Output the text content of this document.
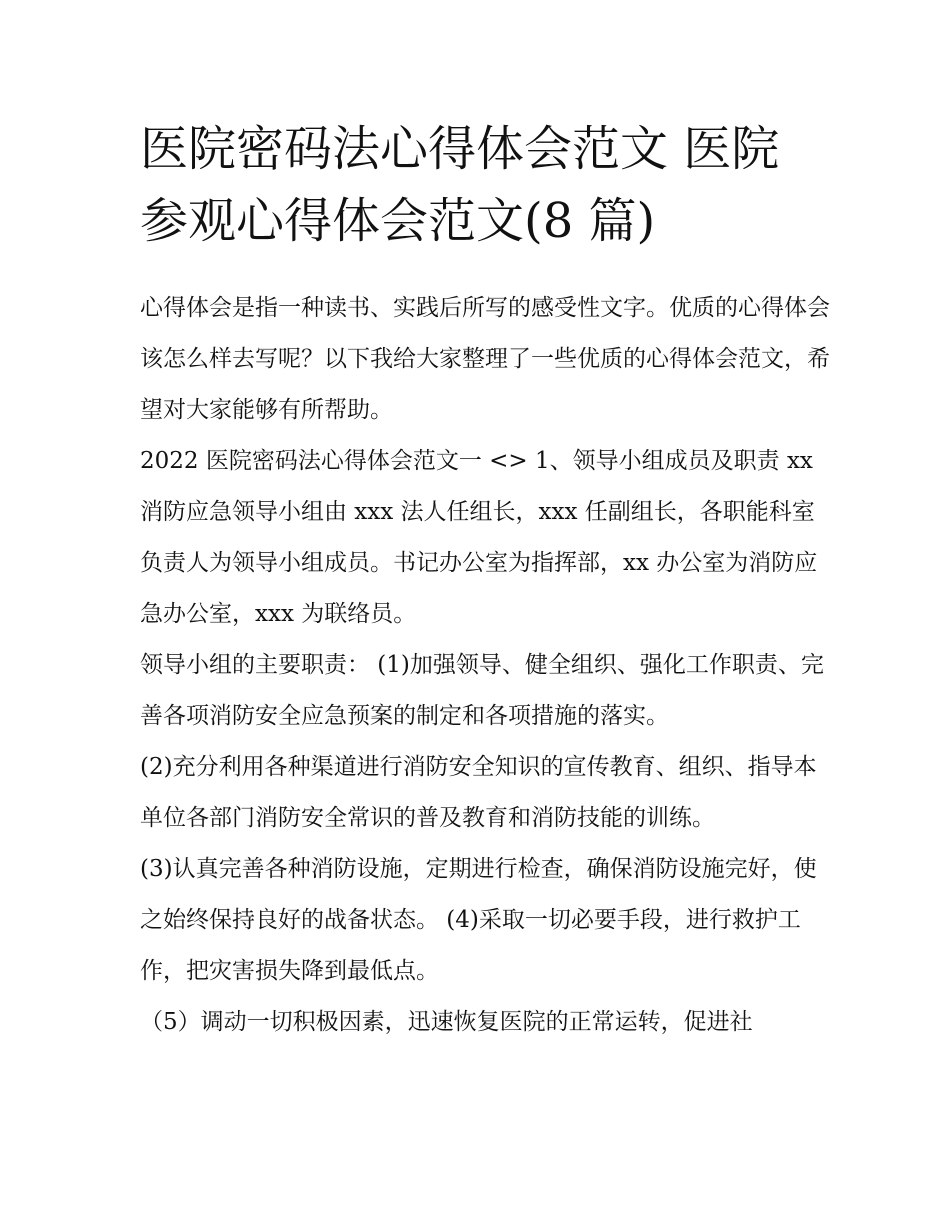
医院密码法心得体会范文 医院
参观心得体会范文(8 篇)

心得体会是指一种读书、实践后所写的感受性文字。优质的心得体会该怎么样去写呢？以下我给大家整理了一些优质的心得体会范文，希望对大家能够有所帮助。

2022 医院密码法心得体会范文一 <> 1、领导小组成员及职责 xx 消防应急领导小组由 xxx 法人任组长，xxx 任副组长，各职能科室负责人为领导小组成员。书记办公室为指挥部，xx 办公室为消防应急办公室，xxx 为联络员。

领导小组的主要职责： (1)加强领导、健全组织、强化工作职责、完善各项消防安全应急预案的制定和各项措施的落实。

(2)充分利用各种渠道进行消防安全知识的宣传教育、组织、指导本单位各部门消防安全常识的普及教育和消防技能的训练。

(3)认真完善各种消防设施，定期进行检查，确保消防设施完好，使之始终保持良好的战备状态。 (4)采取一切必要手段，进行救护工作，把灾害损失降到最低点。

（5）调动一切积极因素，迅速恢复医院的正常运转，促进社
